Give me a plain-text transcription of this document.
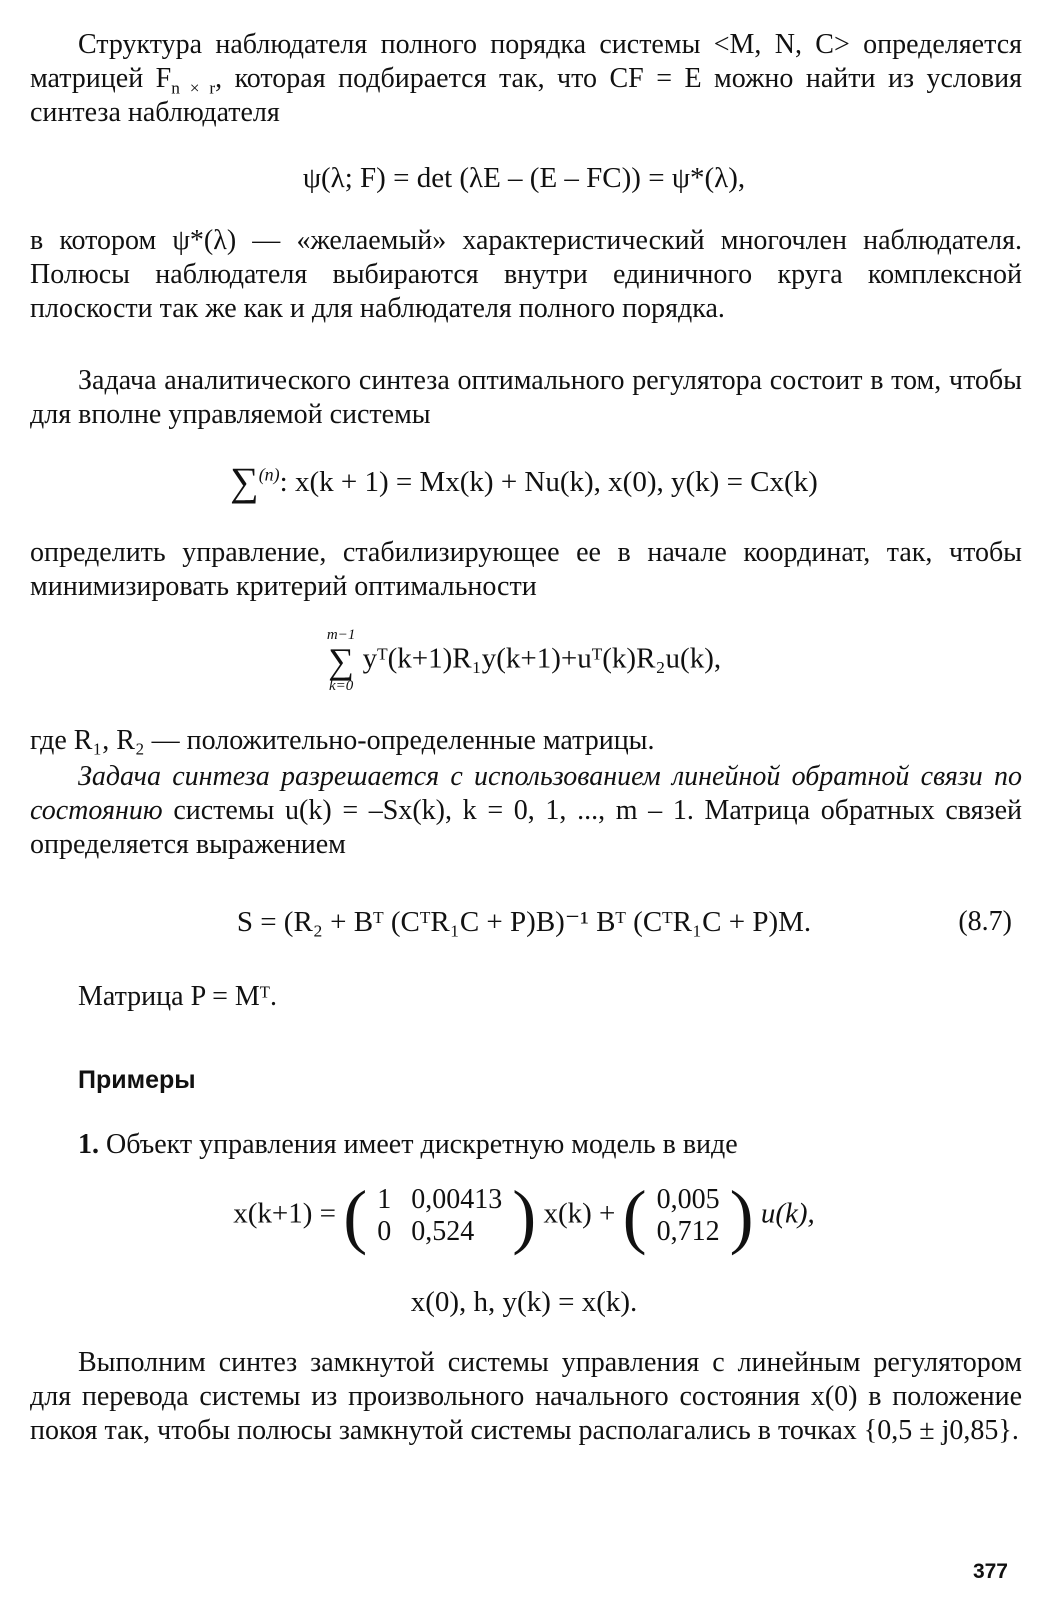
Структура наблюдателя полного порядка системы <M, N, C> определяется матрицей $F_{n \times r}$, которая подбирается так, что CF = E можно найти из условия синтеза наблюдателя

ψ(λ; F) = det (λE – (E – FC)) = ψ*(λ),

в котором ψ*(λ) — «желаемый» характеристический многочлен наблюдателя. Полюсы наблюдателя выбираются внутри единичного круга комплексной плоскости так же как и для наблюдателя полного порядка.

Задача аналитического синтеза оптимального регулятора состоит в том, чтобы для вполне управляемой системы

∑$^{(n)}$: x(k + 1) = Mx(k) + Nu(k), x(0), y(k) = Cx(k)

определить управление, стабилизирующее ее в начале координат, так, чтобы минимизировать критерий оптимальности

m−1
∑
k=0
yᵀ(k+1)R₁y(k+1)+uᵀ(k)R₂u(k),

где R₁, R₂ — положительно-определенные матрицы.

Задача синтеза разрешается с использованием линейной обратной связи по состоянию системы u(k) = –Sx(k), k = 0, 1, ..., m – 1. Матрица обратных связей определяется выражением

S = (R₂ + Bᵀ (CᵀR₁C + P)B)⁻¹ Bᵀ (CᵀR₁C + P)M.	(8.7)

Матрица P = Mᵀ.

Примеры

1. Объект управления имеет дискретную модель в виде

x(k+1) = ( 1	0,00413
0	0,524 ) x(k) + ( 0,005
0,712 ) u(k),
x(0), h, y(k) = x(k).

Выполним синтез замкнутой системы управления с линейным регулятором для перевода системы из произвольного начального состояния x(0) в положение покоя так, чтобы полюсы замкнутой системы располагались в точках {0,5 ± j0,85}.

377
